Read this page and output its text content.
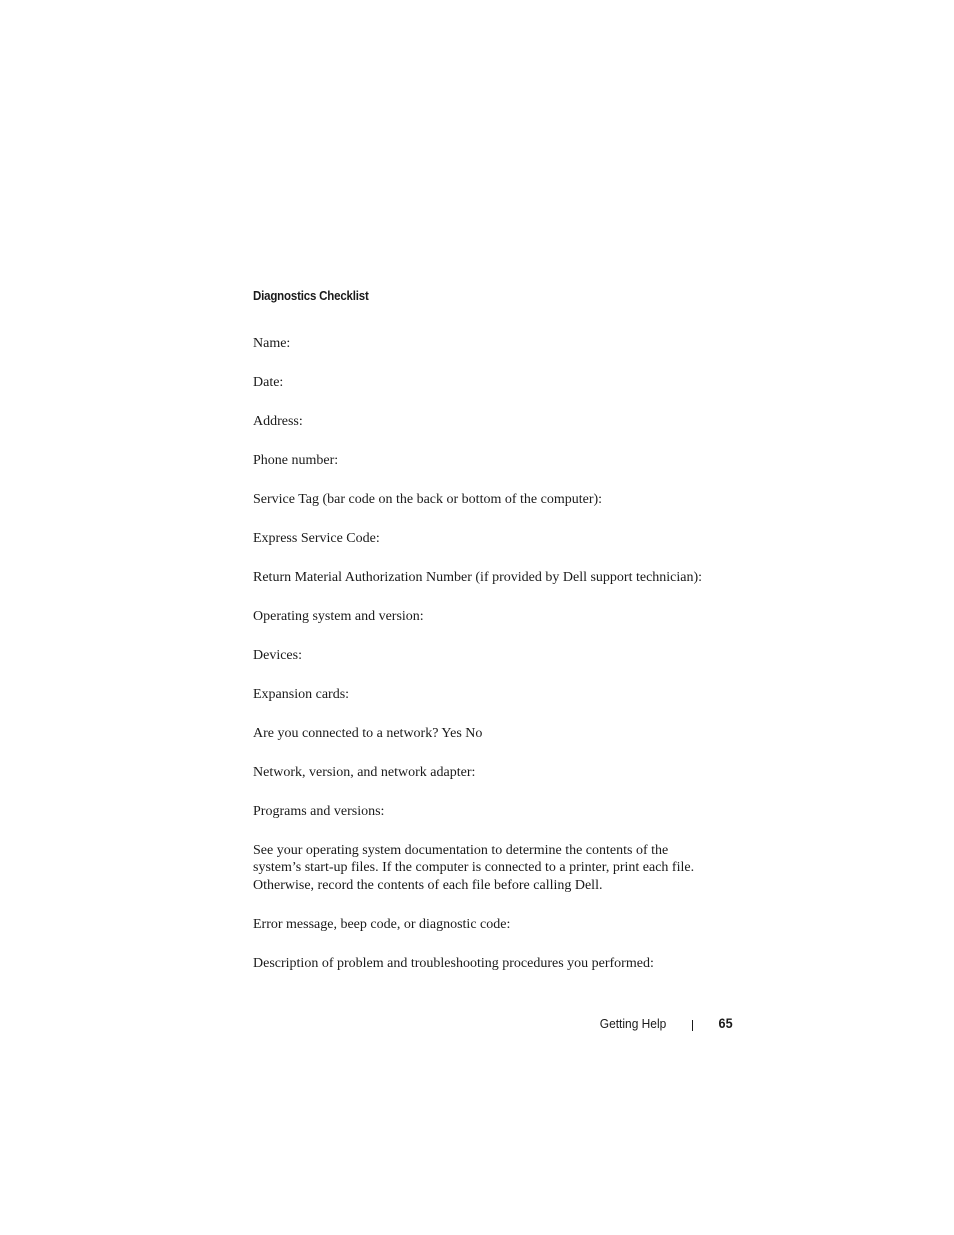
Diagnostics Checklist
Name:
Date:
Address:
Phone number:
Service Tag (bar code on the back or bottom of the computer):
Express Service Code:
Return Material Authorization Number (if provided by Dell support technician):
Operating system and version:
Devices:
Expansion cards:
Are you connected to a network? Yes No
Network, version, and network adapter:
Programs and versions:
See your operating system documentation to determine the contents of the
system’s start-up files. If the computer is connected to a printer, print each file.
Otherwise, record the contents of each file before calling Dell.
Error message, beep code, or diagnostic code:
Description of problem and troubleshooting procedures you performed:
Getting Help	65
